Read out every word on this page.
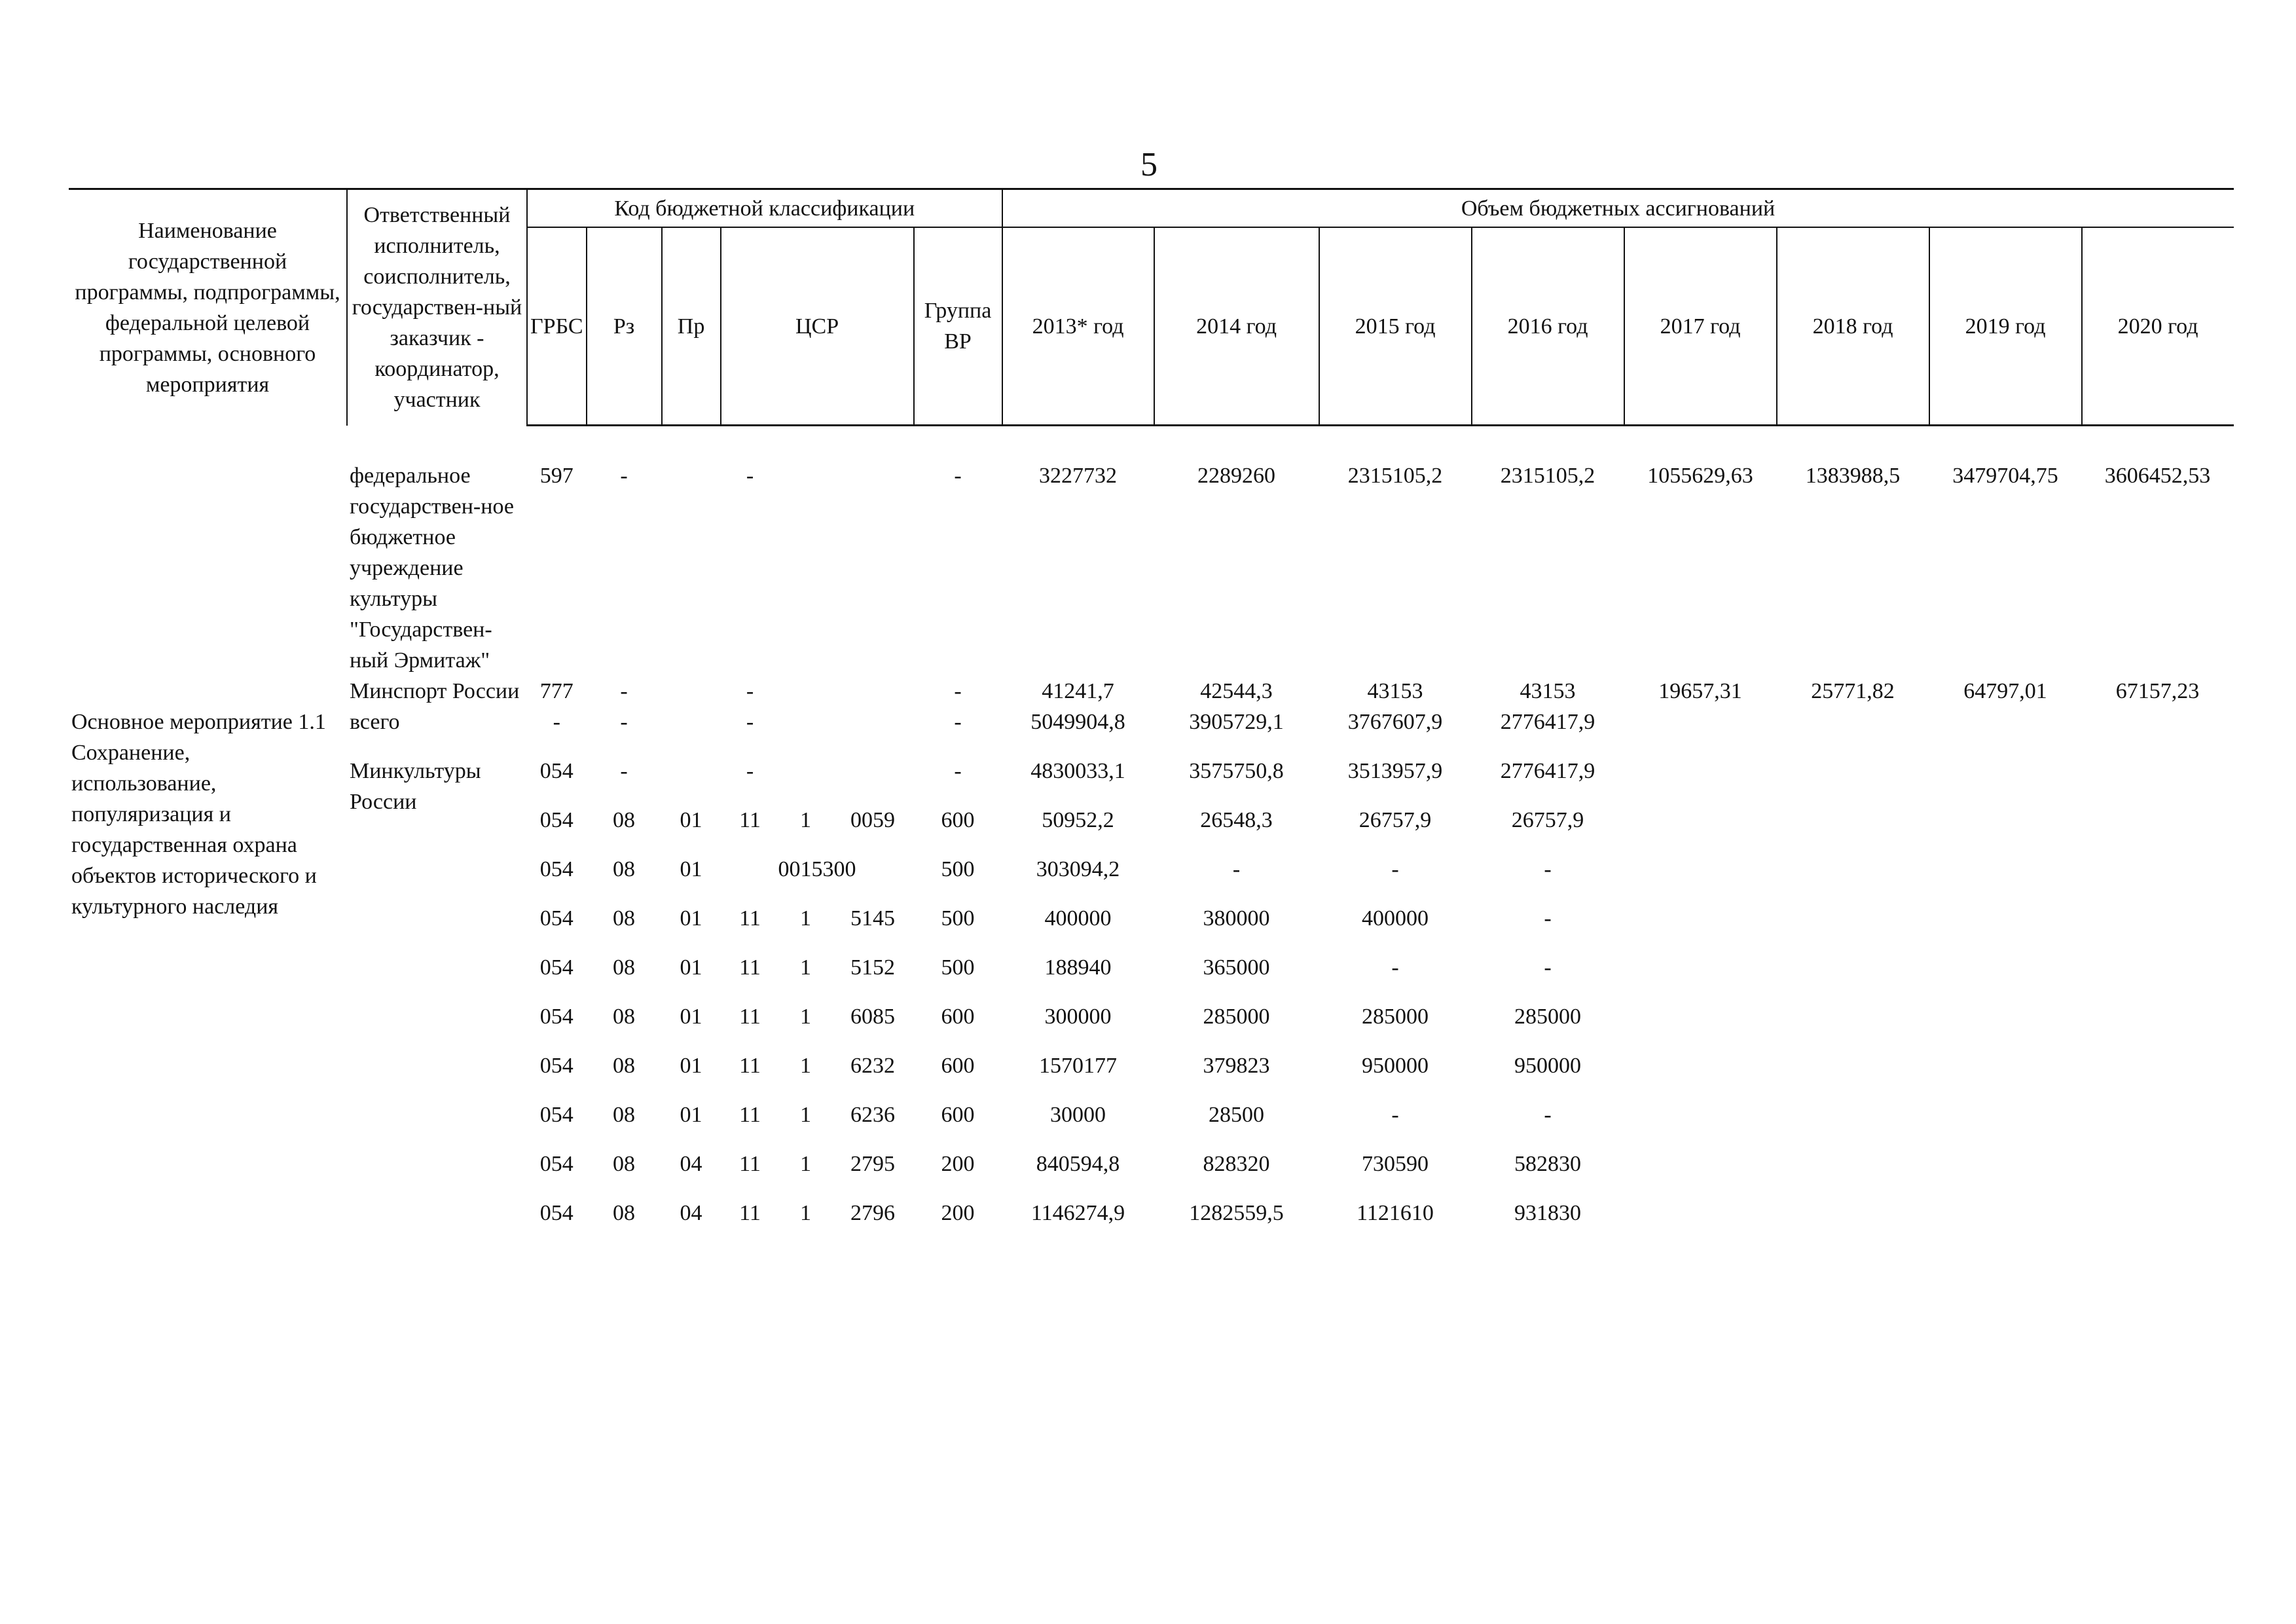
5
Наименование государственной программы, подпрограммы, федеральной целевой программы, основного мероприятия	Ответственный исполнитель, соисполнитель, государствен-ный заказчик - координатор, участник	Код бюджетной классификации							Объем бюджетных ассигнований							
		ГРБС	Рз	Пр	ЦСР			Группа ВР	2013* год	2014 год	2015 год	2016 год	2017 год	2018 год	2019 год	2020 год

	федеральное государствен-ное бюджетное учреждение культуры "Государствен-ный Эрмитаж"	597	-		-			-	3227732	2289260	2315105,2	2315105,2	1055629,63	1383988,5	3479704,75	3606452,53
	Минспорт России	777	-		-			-	41241,7	42544,3	43153	43153	19657,31	25771,82	64797,01	67157,23
Основное мероприятие 1.1 Сохранение, использование, популяризация и государственная охрана объектов исторического и культурного наследия	всего	-	-		-			-	5049904,8	3905729,1	3767607,9	2776417,9				
	Минкультуры России	054	-		-			-	4830033,1	3575750,8	3513957,9	2776417,9				
		054	08	01	11	1	0059	600	50952,2	26548,3	26757,9	26757,9				
		054	08	01	0015300			500	303094,2	-	-	-				
		054	08	01	11	1	5145	500	400000	380000	400000	-				
		054	08	01	11	1	5152	500	188940	365000	-	-				
		054	08	01	11	1	6085	600	300000	285000	285000	285000				
		054	08	01	11	1	6232	600	1570177	379823	950000	950000				
		054	08	01	11	1	6236	600	30000	28500	-	-				
		054	08	04	11	1	2795	200	840594,8	828320	730590	582830				
		054	08	04	11	1	2796	200	1146274,9	1282559,5	1121610	931830				
